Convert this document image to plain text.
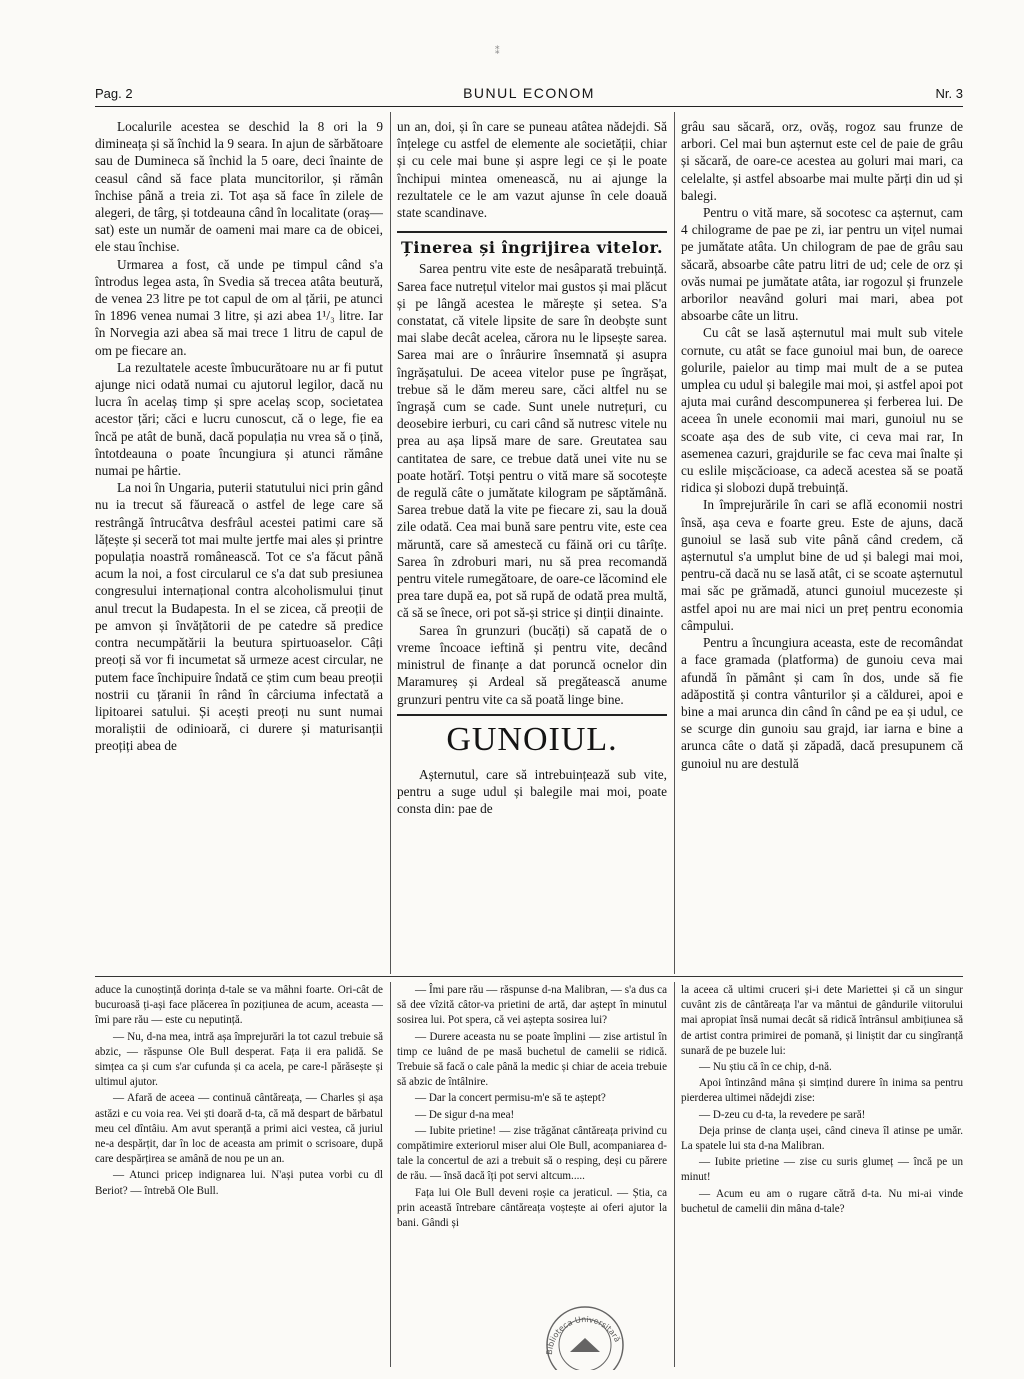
⁑
Pag. 2	BUNUL ECONOM	Nr. 3

Localurile acestea se deschid la 8 ori la 9 dimineața și să închid la 9 seara. In ajun de sărbătoare sau de Dumineca să închid la 5 oare, deci înainte de ceasul când să face plata muncitorilor, și rămân închise până a treia zi. Tot așa să face în zilele de alegeri, de târg, și totdeauna când în localitate (oraș—sat) este un număr de oameni mai mare ca de obicei, ele stau închise.

Urmarea a fost, că unde pe timpul când s'a întrodus legea asta, în Svedia să trecea atâta beutură, de venea 23 litre pe tot capul de om al țării, pe atunci în 1896 venea numai 3 litre, și azi abea 1¹/₃ litre. Iar în Norvegia azi abea să mai trece 1 litru de capul de om pe fiecare an.

La rezultatele aceste îmbucurătoare nu ar fi putut ajunge nici odată numai cu ajutorul legilor, dacă nu lucra în acelaș timp și spre acelaș scop, societatea acestor țări; căci e lucru cunoscut, că o lege, fie ea încă pe atât de bună, dacă populația nu vrea să o țină, întotdeauna o poate încungiura și atunci rămâne numai pe hârtie.

La noi în Ungaria, puterii statutului nici prin gând nu ia trecut să făureacă o astfel de lege care să restrângă întrucâtva desfrâul acestei patimi care să lățește și seceră tot mai multe jertfe mai ales și printre populația noastră românească. Tot ce s'a făcut până acum la noi, a fost circularul ce s'a dat sub presiunea congresului internațional contra alcoholismului ținut anul trecut la Budapesta. In el se zicea, că preoții de pe amvon și învățătorii de pe catedre să predice contra necumpătării la beutura spirtuoaselor. Câți preoți să vor fi incumetat să urmeze acest circular, ne putem face închipuire îndată ce știm cum beau preoții nostrii cu țăranii în rând în cârciuma infectată a lipitoarei satului. Și acești preoți nu sunt numai moraliștii de odinioară, ci durere și maturisanții preoțiți abea de

un an, doi, și în care se puneau atâtea nădejdi. Să înțelege cu astfel de elemente ale societății, chiar și cu cele mai bune și aspre legi ce și le poate închipui mintea omenească, nu ai ajunge la rezultatele ce le am vazut ajunse în cele doauă state scandinave.

Ținerea și îngrijirea vitelor.

Sarea pentru vite este de nesâparată trebuință. Sarea face nutrețul vitelor mai gustos și mai plăcut și pe lângă acestea le mărește și setea. S'a constatat, că vitele lipsite de sare în deobște sunt mai slabe decât acelea, cărora nu le lipsește sarea. Sarea mai are o înrâurire însemnată și asupra îngrășatului. De aceea vitelor puse pe îngrășat, trebue să le dăm mereu sare, căci altfel nu se îngrașă cum se cade. Sunt unele nutrețuri, cu deosebire ierburi, cu cari când să nutresc vitele nu prea au așa lipsă mare de sare. Greutatea sau cantitatea de sare, ce trebue dată unei vite nu se poate hotărî. Totși pentru o vită mare să socotește de regulă câte o jumătate kilogram pe săptămână. Sarea trebue dată la vite pe fiecare zi, sau la două zile odată. Cea mai bună sare pentru vite, este cea măruntă, care să amestecă cu făină ori cu târîțe. Sarea în zdroburi mari, nu să prea recomandă pentru vitele rumegătoare, de oare-ce lăcomind ele prea tare după ea, pot să rupă de odată prea multă, că să se înece, ori pot să-și strice și dinții dinainte.

Sarea în grunzuri (bucăți) să capată de o vreme încoace ieftină și pentru vite, decând ministrul de finanțe a dat poruncă ocnelor din Maramureș și Ardeal să pregătească anume grunzuri pentru vite ca să poată linge bine.

GUNOIUL.

Așternutul, care să intrebuințează sub vite, pentru a suge udul și balegile mai moi, poate consta din: pae de

grâu sau săcară, orz, ovăș, rogoz sau frunze de arbori. Cel mai bun așternut este cel de paie de grâu și săcară, de oare-ce acestea au goluri mai mari, ca celelalte, și astfel absoarbe mai multe părți din ud și balegi.

Pentru o vită mare, să socotesc ca așternut, cam 4 chilograme de pae pe zi, iar pentru un vițel numai pe jumătate atâta. Un chilogram de pae de grâu sau săcară, absoarbe câte patru litri de ud; cele de orz și ovăs numai pe jumătate atâta, iar rogozul și frunzele arborilor neavând goluri mai mari, abea pot absoarbe câte un litru.

Cu cât se lasă așternutul mai mult sub vitele cornute, cu atât se face gunoiul mai bun, de oarece golurile, paielor au timp mai mult de a se putea umplea cu udul și balegile mai moi, și astfel apoi pot ajuta mai curând descompunerea și ferberea lui. De aceea în unele economii mai mari, gunoiul nu se scoate așa des de sub vite, ci ceva mai rar, In asemenea cazuri, grajdurile se fac ceva mai înalte și cu eslile mișcăcioase, ca adecă acestea să se poată ridica și slobozi după trebuință.

In împrejurările în cari se află economii nostri însă, așa ceva e foarte greu. Este de ajuns, dacă gunoiul se lasă sub vite până când credem, că așternutul s'a umplut bine de ud și balegi mai moi, pentru-că dacă nu se lasă atât, ci se scoate așternutul mai săc pe grămadă, atunci gunoiul mucezeste și astfel apoi nu are mai nici un preț pentru economia câmpului.

Pentru a încungiura aceasta, este de recomândat a face gramada (platforma) de gunoiu ceva mai afundă în pământ și cam în dos, unde să fie adăpostită și contra vânturilor și a căldurei, apoi e bine a mai arunca din când în când pe ea și udul, ce se scurge din gunoiu sau grajd, iar iarna e bine a arunca câte o dată și zăpadă, dacă presupunem că gunoiul nu are destulă

aduce la cunoștință dorința d-tale se va mâhni foarte. Ori-cât de bucuroasă ți-ași face plăcerea în pozițiunea de acum, aceasta — îmi pare rău — este cu neputință.

— Nu, d-na mea, intră așa împrejurări la tot cazul trebuie să abzic, — răspunse Ole Bull desperat. Fața ii era palidă. Se simțea ca și cum s'ar cufunda și ca acela, pe care-l părăsește și ultimul ajutor.

— Afară de aceea — continuă cântăreața, — Charles și așa astăzi e cu voia rea. Vei ști doară d-ta, că mă despart de bărbatul meu cel dîntâiu. Am avut speranță a primi aici vestea, că juriul ne-a despărțit, dar în loc de aceasta am primit o scrisoare, după care despărțirea se amână de nou pe un an.

— Atunci pricep indignarea lui. N'ași putea vorbi cu dl Beriot? — întrebă Ole Bull.

— Îmi pare rău — răspunse d-na Malibran, — s'a dus ca să dee vîzită câtor-va prietini de artă, dar aștept în minutul sosirea lui. Pot spera, că vei aștepta sosirea lui?

— Durere aceasta nu se poate împlini — zise artistul în timp ce luând de pe masă buchetul de camelii se ridică. Trebuie să facă o cale până la medic și chiar de aceia trebuie să abzic de întâlnire.

— Dar la concert permisu-m'e să te aștept?

— De sigur d-na mea!

— Iubite prietine! — zise trăgănat cântăreața privind cu compătimire exteriorul miser alui Ole Bull, acompaniarea d-tale la concertul de azi a trebuit să o resping, deși cu părere de rău. — însă dacă îți pot servi altcum.....

Fața lui Ole Bull deveni roșie ca jeraticul. — Știa, ca prin această întrebare cântăreața voștește ai oferi ajutor la bani. Gândi și

la aceea că ultimi cruceri și-i dete Mariettei și că un singur cuvânt zis de cântăreața l'ar va mântui de gândurile viitorului mai apropiat însă numai decât să ridică întrânsul ambițiunea să de artist contra primirei de pomană, și liniștit dar cu singîranță sunară de pe buzele lui:

— Nu știu că în ce chip, d-nă.

Apoi întinzând mâna și simțind durere în inima sa pentru pierderea ultimei nădejdi zise:

— D-zeu cu d-ta, la revedere pe sară!

Deja prinse de clanța ușei, când cineva îl atinse pe umăr. La spatele lui sta d-na Malibran.

— Iubite prietine — zise cu suris glumeț — încă pe un minut!

— Acum eu am o rugare cătră d-ta. Nu mi-ai vinde buchetul de camelii din mâna d-tale?

Biblioteca Universitară
